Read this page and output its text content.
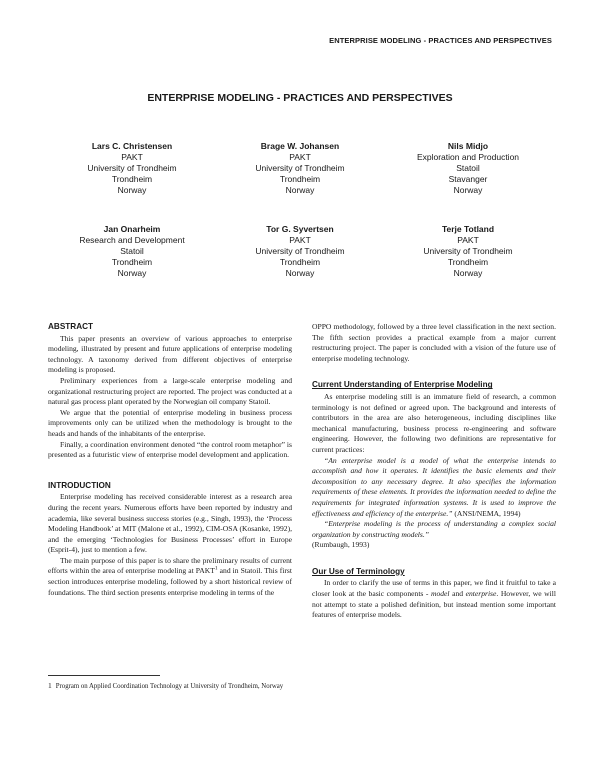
ENTERPRISE MODELING - PRACTICES AND PERSPECTIVES
ENTERPRISE MODELING - PRACTICES AND PERSPECTIVES
Lars C. Christensen
PAKT
University of Trondheim
Trondheim
Norway
Brage W. Johansen
PAKT
University of Trondheim
Trondheim
Norway
Nils Midjo
Exploration and Production
Statoil
Stavanger
Norway
Jan Onarheim
Research and Development
Statoil
Trondheim
Norway
Tor G. Syvertsen
PAKT
University of Trondheim
Trondheim
Norway
Terje Totland
PAKT
University of Trondheim
Trondheim
Norway
ABSTRACT

This paper presents an overview of various approaches to enterprise modeling, illustrated by present and future applications of enterprise modeling technology. A taxonomy derived from different objectives of enterprise modeling is proposed.

Preliminary experiences from a large-scale enterprise modeling and organizational restructuring project are reported. The project was conducted at a natural gas process plant operated by the Norwegian oil company Statoil.

We argue that the potential of enterprise modeling in business process improvements only can be utilized when the methodology is brought to the heads and hands of the inhabitants of the enterprise.

Finally, a coordination environment denoted “the control room metaphor” is presented as a futuristic view of enterprise model development and application.

INTRODUCTION

Enterprise modeling has received considerable interest as a research area during the recent years. Numerous efforts have been reported by industry and academia, like several business success stories (e.g., Singh, 1993), the ‘Process Modeling Handbook’ at MIT (Malone et al., 1992), CIM-OSA (Kosanke, 1992), and the emerging ‘Technologies for Business Processes’ effort in Europe (Esprit-4), just to mention a few.

The main purpose of this paper is to share the preliminary results of current efforts within the area of enterprise modeling at PAKT$^1$ and in Statoil. This first section introduces enterprise modeling, followed by a short historical review of foundations. The third section presents enterprise modeling in terms of the

OPPO methodology, followed by a three level classification in the next section. The fifth section provides a practical example from a major current restructuring project. The paper is concluded with a vision of the future use of enterprise modeling technology.

Current Understanding of Enterprise Modeling

As enterprise modeling still is an immature field of research, a common terminology is not defined or agreed upon. The background and interests of contributors in the area are also heterogeneous, including disciplines like mechanical manufacturing, business process re-engineering and software engineering. However, the following two definitions are representative for current practices:

“An enterprise model is a model of what the enterprise intends to accomplish and how it operates. It identifies the basic elements and their decomposition to any necessary degree. It also specifies the information requirements of these elements. It provides the information needed to define the requirements for integrated information systems. It is used to improve the effectiveness and efficiency of the enterprise.” (ANSI/NEMA, 1994)

“Enterprise modeling is the process of understanding a complex social organization by constructing models.”

(Rumbaugh, 1993)

Our Use of Terminology

In order to clarify the use of terms in this paper, we find it fruitful to take a closer look at the basic components - model and enterprise. However, we will not attempt to state a polished definition, but instead mention some important features of enterprise models.

1 Program on Applied Coordination Technology at University of Trondheim, Norway
